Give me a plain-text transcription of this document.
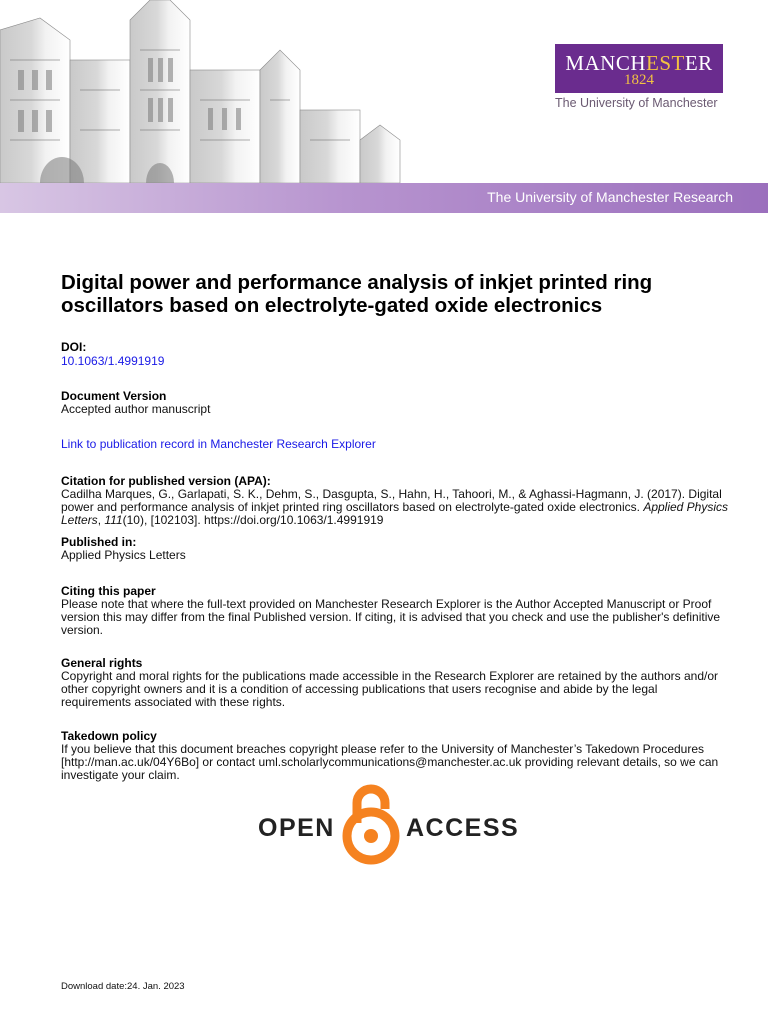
The University of Manchester Research
MANCHESTER
1824
The University of Manchester
Digital power and performance analysis of inkjet printed ring oscillators based on electrolyte-gated oxide electronics
DOI:
10.1063/1.4991919
Document Version
Accepted author manuscript
Link to publication record in Manchester Research Explorer
Citation for published version (APA):
Cadilha Marques, G., Garlapati, S. K., Dehm, S., Dasgupta, S., Hahn, H., Tahoori, M., & Aghassi-Hagmann, J. (2017). Digital power and performance analysis of inkjet printed ring oscillators based on electrolyte-gated oxide electronics. Applied Physics Letters, 111(10), [102103]. https://doi.org/10.1063/1.4991919
Published in:
Applied Physics Letters
Citing this paper
Please note that where the full-text provided on Manchester Research Explorer is the Author Accepted Manuscript or Proof version this may differ from the final Published version. If citing, it is advised that you check and use the publisher's definitive version.
General rights
Copyright and moral rights for the publications made accessible in the Research Explorer are retained by the authors and/or other copyright owners and it is a condition of accessing publications that users recognise and abide by the legal requirements associated with these rights.
Takedown policy
If you believe that this document breaches copyright please refer to the University of Manchester’s Takedown Procedures [http://man.ac.uk/04Y6Bo] or contact uml.scholarlycommunications@manchester.ac.uk providing relevant details, so we can investigate your claim.
OPEN	ACCESS
Download date:24. Jan. 2023
